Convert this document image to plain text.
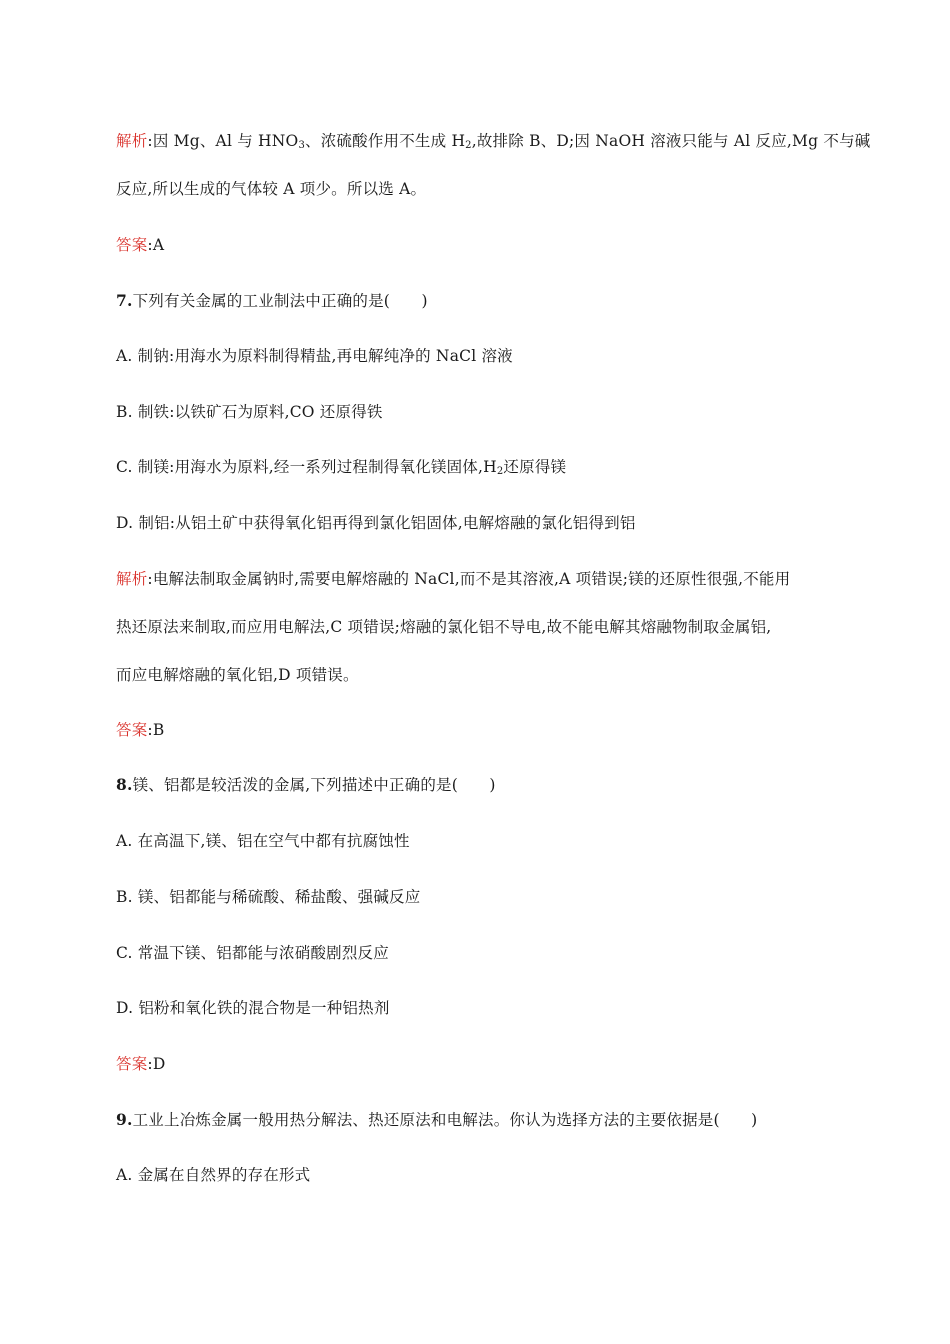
解析:因 Mg、Al 与 $HNO_3$、浓硫酸作用不生成 $H_2$,故排除 B、D;因 NaOH 溶液只能与 Al 反应,Mg 不与碱
反应,所以生成的气体较 A 项少。所以选 A。
答案:A
7.下列有关金属的工业制法中正确的是(　　)
A. 制钠:用海水为原料制得精盐,再电解纯净的 NaCl 溶液
B. 制铁:以铁矿石为原料,CO 还原得铁
C. 制镁:用海水为原料,经一系列过程制得氧化镁固体$,H_2$还原得镁
D. 制铝:从铝土矿中获得氧化铝再得到氯化铝固体,电解熔融的氯化铝得到铝
解析:电解法制取金属钠时,需要电解熔融的 NaCl,而不是其溶液,A 项错误;镁的还原性很强,不能用
热还原法来制取,而应用电解法,C 项错误;熔融的氯化铝不导电,故不能电解其熔融物制取金属铝,
而应电解熔融的氧化铝,D 项错误。
答案:B
8.镁、铝都是较活泼的金属,下列描述中正确的是(　　)
A. 在高温下,镁、铝在空气中都有抗腐蚀性
B. 镁、铝都能与稀硫酸、稀盐酸、强碱反应
C. 常温下镁、铝都能与浓硝酸剧烈反应
D. 铝粉和氧化铁的混合物是一种铝热剂
答案:D
9.工业上冶炼金属一般用热分解法、热还原法和电解法。你认为选择方法的主要依据是(　　)
A. 金属在自然界的存在形式
